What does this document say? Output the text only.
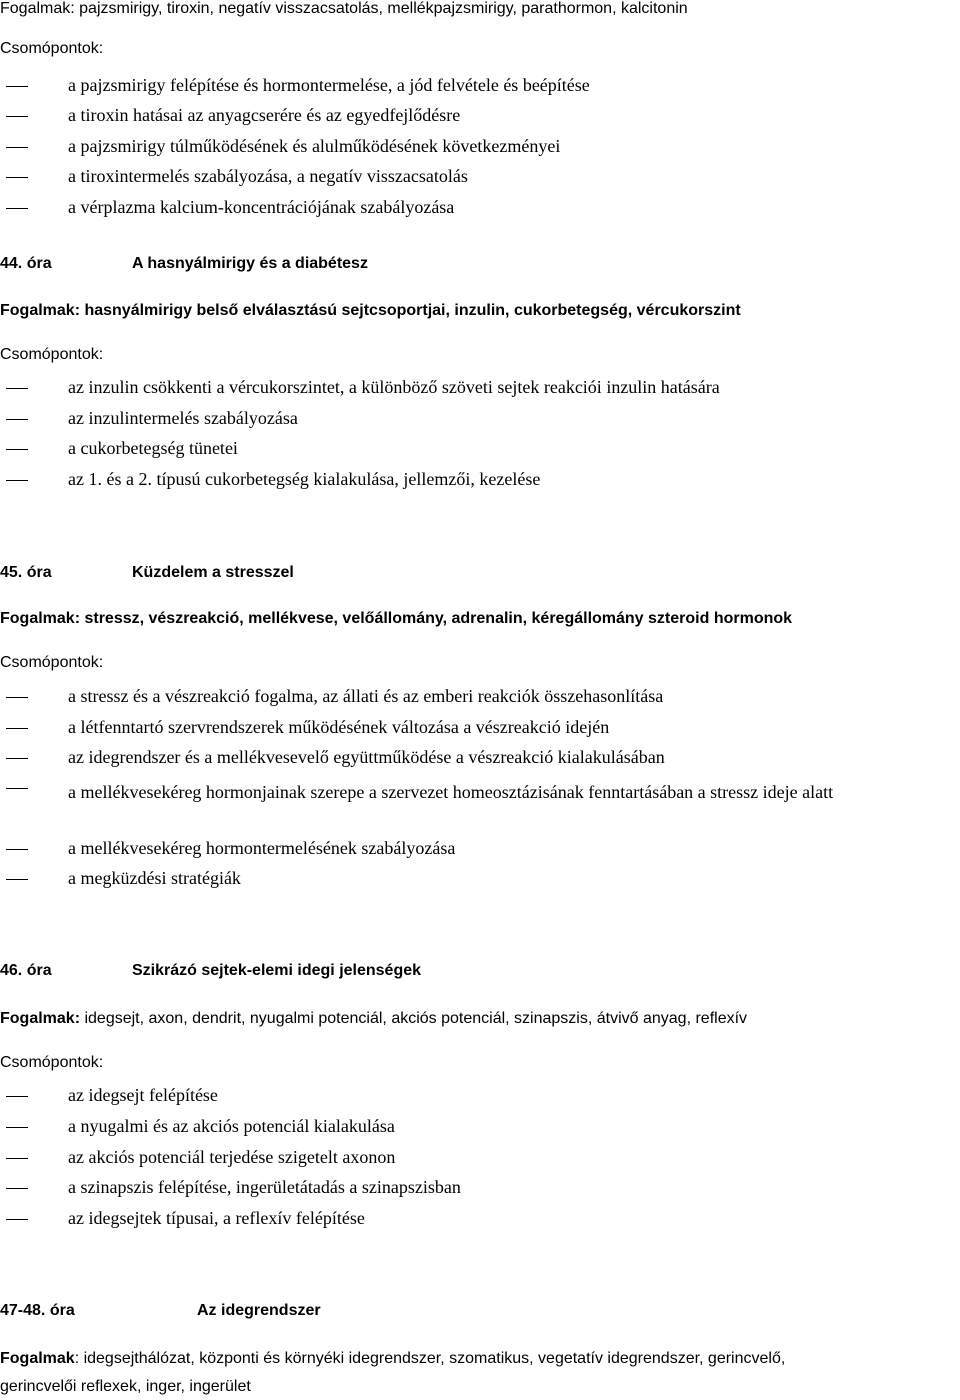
Fogalmak: pajzsmirigy, tiroxin, negatív visszacsatolás, mellékpajzsmirigy, parathormon, kalcitonin
Csomópontok:
a pajzsmirigy felépítése és hormontermelése, a jód felvétele és beépítése
a tiroxin hatásai az anyagcserére és az egyedfejlődésre
a pajzsmirigy túlműködésének és alulműködésének következményei
a tiroxintermelés szabályozása, a negatív visszacsatolás
a vérplazma kalcium-koncentrációjának szabályozása
44. óra	A hasnyálmirigy és a diabétesz
Fogalmak: hasnyálmirigy belső elválasztású sejtcsoportjai, inzulin, cukorbetegség, vércukorszint
Csomópontok:
az inzulin csökkenti a vércukorszintet, a különböző szöveti sejtek reakciói inzulin hatására
az inzulintermelés szabályozása
a cukorbetegség tünetei
az 1. és a 2. típusú cukorbetegség kialakulása, jellemzői, kezelése
45. óra	Küzdelem a stresszel
Fogalmak: stressz, vészreakció, mellékvese, velőállomány, adrenalin, kéregállomány szteroid hormonok
Csomópontok:
a stressz és a vészreakció fogalma, az állati és az emberi reakciók összehasonlítása
a létfenntartó szervrendszerek működésének változása a vészreakció idején
az idegrendszer és a mellékvesevelő együttműködése a vészreakció kialakulásában
a mellékvesekéreg hormonjainak szerepe a szervezet homeosztázisának fenntartásában a stressz ideje alatt
a mellékvesekéreg hormontermelésének szabályozása
a megküzdési stratégiák
46. óra	Szikrázó sejtek-elemi idegi jelenségek
Fogalmak: idegsejt, axon, dendrit, nyugalmi potenciál, akciós potenciál, szinapszis, átvivő anyag, reflexív
Csomópontok:
az idegsejt felépítése
a nyugalmi és az akciós potenciál kialakulása
az akciós potenciál terjedése szigetelt axonon
a szinapszis felépítése, ingerületátadás a szinapszisban
az idegsejtek típusai, a reflexív felépítése
47-48. óra	Az idegrendszer
Fogalmak: idegsejthálózat, központi és környéki idegrendszer, szomatikus, vegetatív idegrendszer, gerincvelő,
gerincvelői reflexek, inger, ingerület
